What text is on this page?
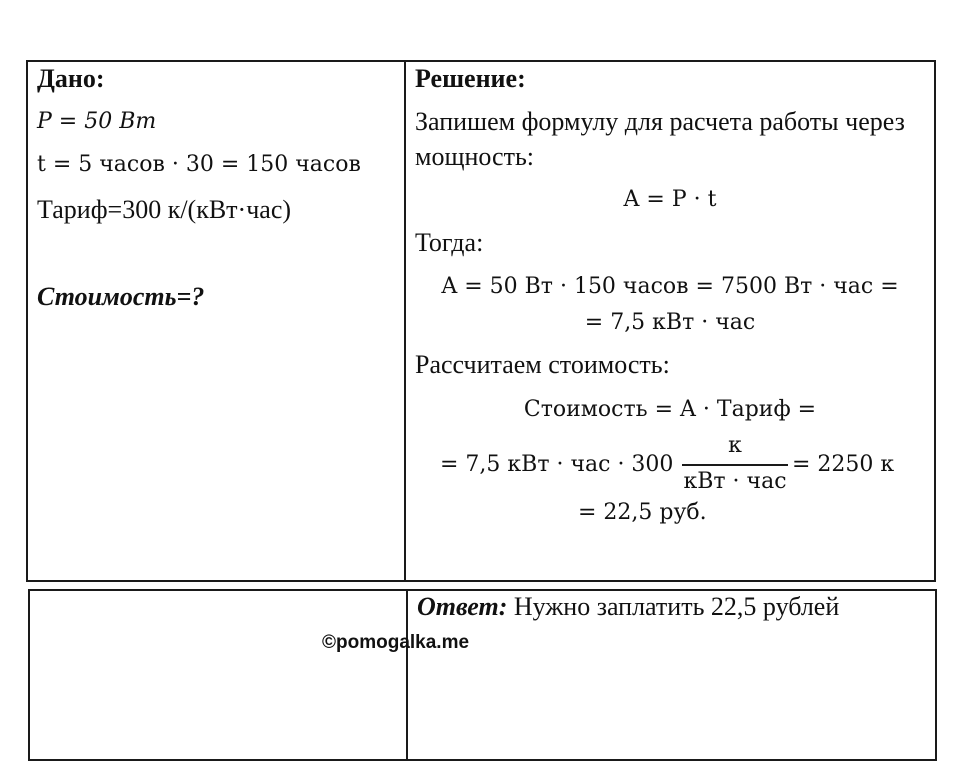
Дано:
P = 50 Вт
t = 5 часов · 30 = 150 часов
Тариф=300 к/(кВт·час)
Стоимость=?
Решение:
Запишем формулу для расчета работы через
мощность:
A = P · t
Тогда:
A = 50 Вт · 150 часов = 7500 Вт · час =
= 7,5 кВт · час
Рассчитаем стоимость:
Стоимость = A · Тариф =
= 7,5 кВт · час · 300
к
кВт · час
= 2250 к
= 22,5 руб.
Ответ: Нужно заплатить 22,5 рублей
©pomogalka.me
